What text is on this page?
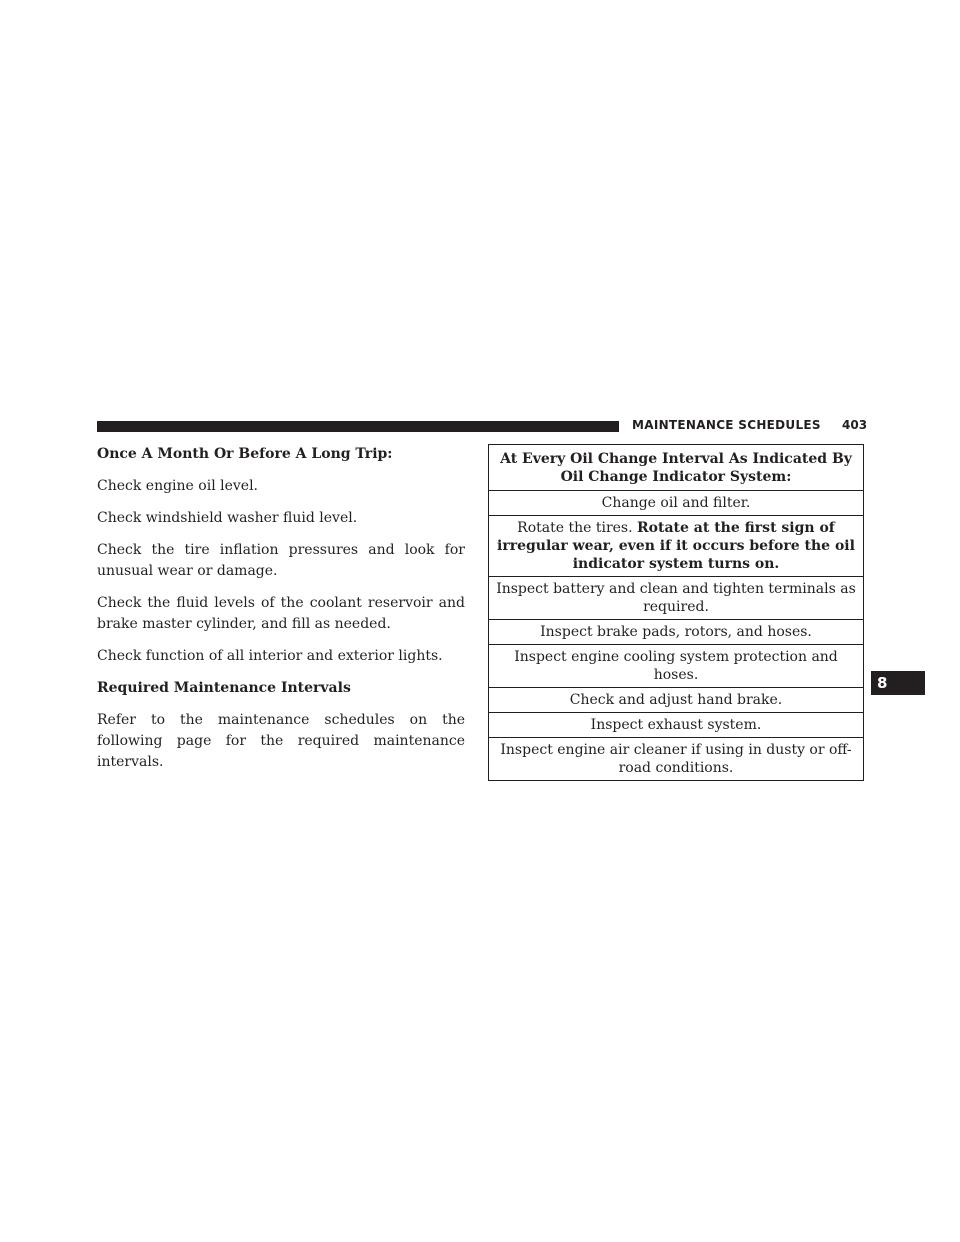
MAINTENANCE SCHEDULES 403
8

Once A Month Or Before A Long Trip:

Check engine oil level.

Check windshield washer fluid level.

Check the tire inflation pressures and look for unusual wear or damage.

Check the fluid levels of the coolant reservoir and brake master cylinder, and fill as needed.

Check function of all interior and exterior lights.

Required Maintenance Intervals

Refer to the maintenance schedules on the following page for the required maintenance intervals.

At Every Oil Change Interval As Indicated By Oil Change Indicator System:
Change oil and filter.
Rotate the tires. Rotate at the first sign of irregular wear, even if it occurs before the oil indicator system turns on.
Inspect battery and clean and tighten terminals as required.
Inspect brake pads, rotors, and hoses.
Inspect engine cooling system protection and hoses.
Check and adjust hand brake.
Inspect exhaust system.
Inspect engine air cleaner if using in dusty or off-road conditions.
